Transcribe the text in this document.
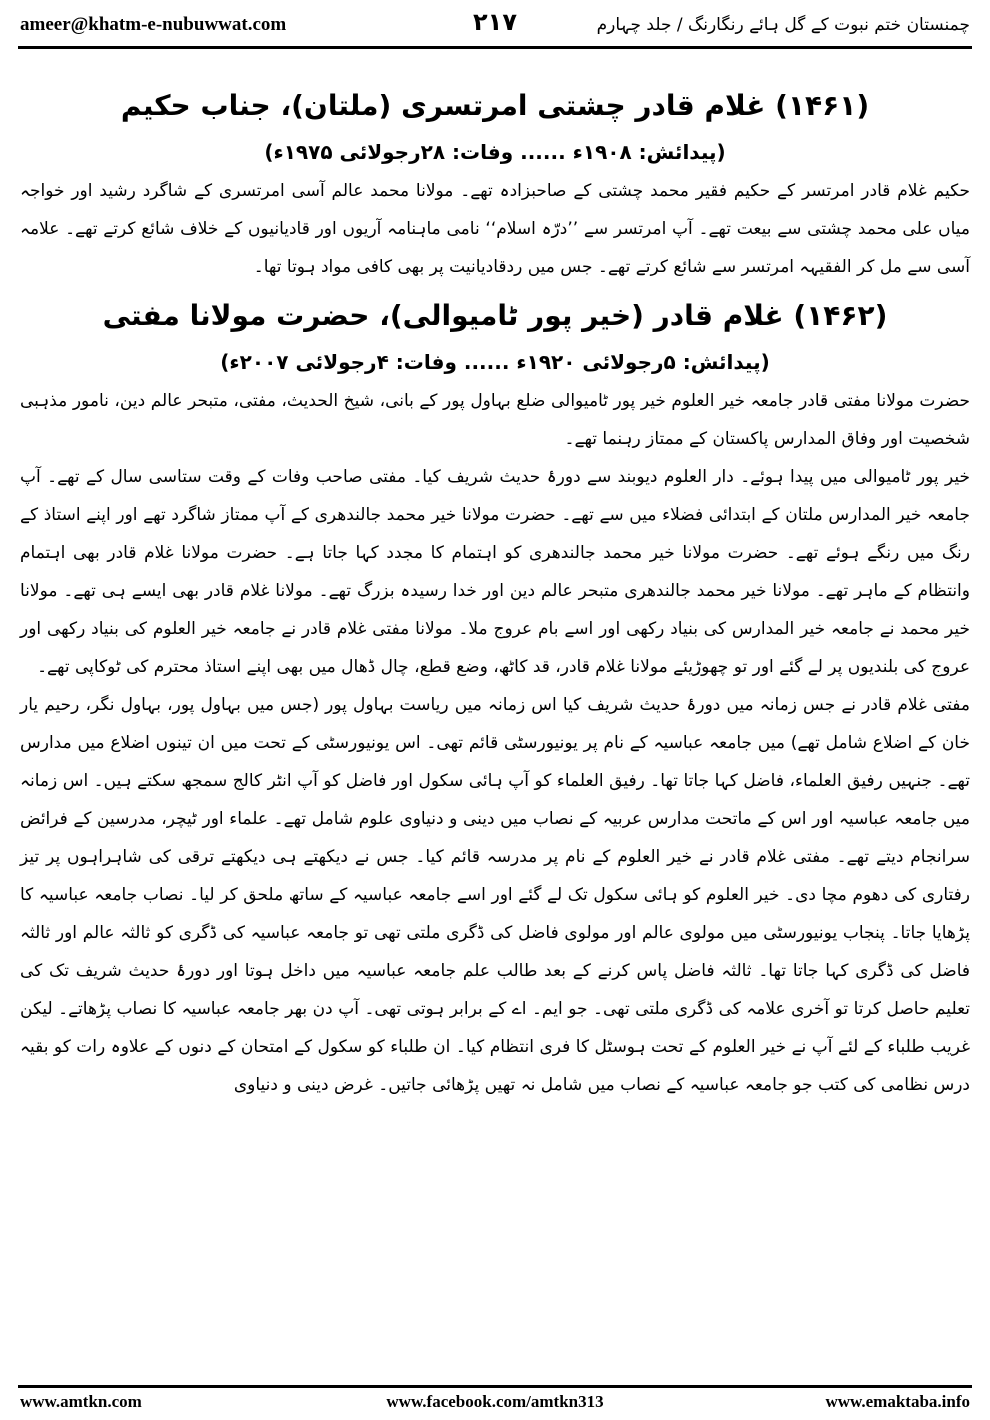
ameer@khatm-e-nubuwwat.com	۲۱۷	چمنستان ختم نبوت کے گل ہائے رنگارنگ / جلد چہارم
(۱۴۶۱) غلام قادر چشتی امرتسری (ملتان)، جناب حکیم

(پیدائش: ۱۹۰۸ء ...... وفات: ۲۸رجولائی ۱۹۷۵ء)

حکیم غلام قادر امرتسر کے حکیم فقیر محمد چشتی کے صاحبزادہ تھے۔ مولانا محمد عالم آسی امرتسری کے شاگرد رشید اور خواجہ میاں علی محمد چشتی سے بیعت تھے۔ آپ امرتسر سے ’’درّہ اسلام‘‘ نامی ماہنامہ آریوں اور قادیانیوں کے خلاف شائع کرتے تھے۔ علامہ آسی سے مل کر الفقیہہ امرتسر سے شائع کرتے تھے۔ جس میں ردقادیانیت پر بھی کافی مواد ہوتا تھا۔

(۱۴۶۲) غلام قادر (خیر پور ٹامیوالی)، حضرت مولانا مفتی

(پیدائش: ۵رجولائی ۱۹۲۰ء ...... وفات: ۴رجولائی ۲۰۰۷ء)

حضرت مولانا مفتی قادر جامعہ خیر العلوم خیر پور ٹامیوالی ضلع بہاول پور کے بانی، شیخ الحدیث، مفتی، متبحر عالم دین، نامور مذہبی شخصیت اور وفاق المدارس پاکستان کے ممتاز رہنما تھے۔

خیر پور ٹامیوالی میں پیدا ہوئے۔ دار العلوم دیوبند سے دورۂ حدیث شریف کیا۔ مفتی صاحب وفات کے وقت ستاسی سال کے تھے۔ آپ جامعہ خیر المدارس ملتان کے ابتدائی فضلاء میں سے تھے۔ حضرت مولانا خیر محمد جالندھری کے آپ ممتاز شاگرد تھے اور اپنے استاذ کے رنگ میں رنگے ہوئے تھے۔ حضرت مولانا خیر محمد جالندھری کو اہتمام کا مجدد کہا جاتا ہے۔ حضرت مولانا غلام قادر بھی اہتمام وانتظام کے ماہر تھے۔ مولانا خیر محمد جالندھری متبحر عالم دین اور خدا رسیدہ بزرگ تھے۔ مولانا غلام قادر بھی ایسے ہی تھے۔ مولانا خیر محمد نے جامعہ خیر المدارس کی بنیاد رکھی اور اسے بام عروج ملا۔ مولانا مفتی غلام قادر نے جامعہ خیر العلوم کی بنیاد رکھی اور عروج کی بلندیوں پر لے گئے اور تو چھوڑیئے مولانا غلام قادر، قد کاٹھ، وضع قطع، چال ڈھال میں بھی اپنے استاذ محترم کی ٹوکاپی تھے۔

مفتی غلام قادر نے جس زمانہ میں دورۂ حدیث شریف کیا اس زمانہ میں ریاست بہاول پور (جس میں بہاول پور، بہاول نگر، رحیم یار خان کے اضلاع شامل تھے) میں جامعہ عباسیہ کے نام پر یونیورسٹی قائم تھی۔ اس یونیورسٹی کے تحت میں ان تینوں اضلاع میں مدارس تھے۔ جنہیں رفیق العلماء، فاضل کہا جاتا تھا۔ رفیق العلماء کو آپ ہائی سکول اور فاضل کو آپ انٹر کالج سمجھ سکتے ہیں۔ اس زمانہ میں جامعہ عباسیہ اور اس کے ماتحت مدارس عربیہ کے نصاب میں دینی و دنیاوی علوم شامل تھے۔ علماء اور ٹیچر، مدرسین کے فرائض سرانجام دیتے تھے۔ مفتی غلام قادر نے خیر العلوم کے نام پر مدرسہ قائم کیا۔ جس نے دیکھتے ہی دیکھتے ترقی کی شاہراہوں پر تیز رفتاری کی دھوم مچا دی۔ خیر العلوم کو ہائی سکول تک لے گئے اور اسے جامعہ عباسیہ کے ساتھ ملحق کر لیا۔ نصاب جامعہ عباسیہ کا پڑھایا جاتا۔ پنجاب یونیورسٹی میں مولوی عالم اور مولوی فاضل کی ڈگری ملتی تھی تو جامعہ عباسیہ کی ڈگری کو ثالثہ عالم اور ثالثہ فاضل کی ڈگری کہا جاتا تھا۔ ثالثہ فاضل پاس کرنے کے بعد طالب علم جامعہ عباسیہ میں داخل ہوتا اور دورۂ حدیث شریف تک کی تعلیم حاصل کرتا تو آخری علامہ کی ڈگری ملتی تھی۔ جو ایم۔ اے کے برابر ہوتی تھی۔ آپ دن بھر جامعہ عباسیہ کا نصاب پڑھاتے۔ لیکن غریب طلباء کے لئے آپ نے خیر العلوم کے تحت ہوسٹل کا فری انتظام کیا۔ ان طلباء کو سکول کے امتحان کے دنوں کے علاوہ رات کو بقیہ درس نظامی کی کتب جو جامعہ عباسیہ کے نصاب میں شامل نہ تھیں پڑھائی جاتیں۔ غرض دینی و دنیاوی

www.amtkn.com	www.facebook.com/amtkn313	www.emaktaba.info
